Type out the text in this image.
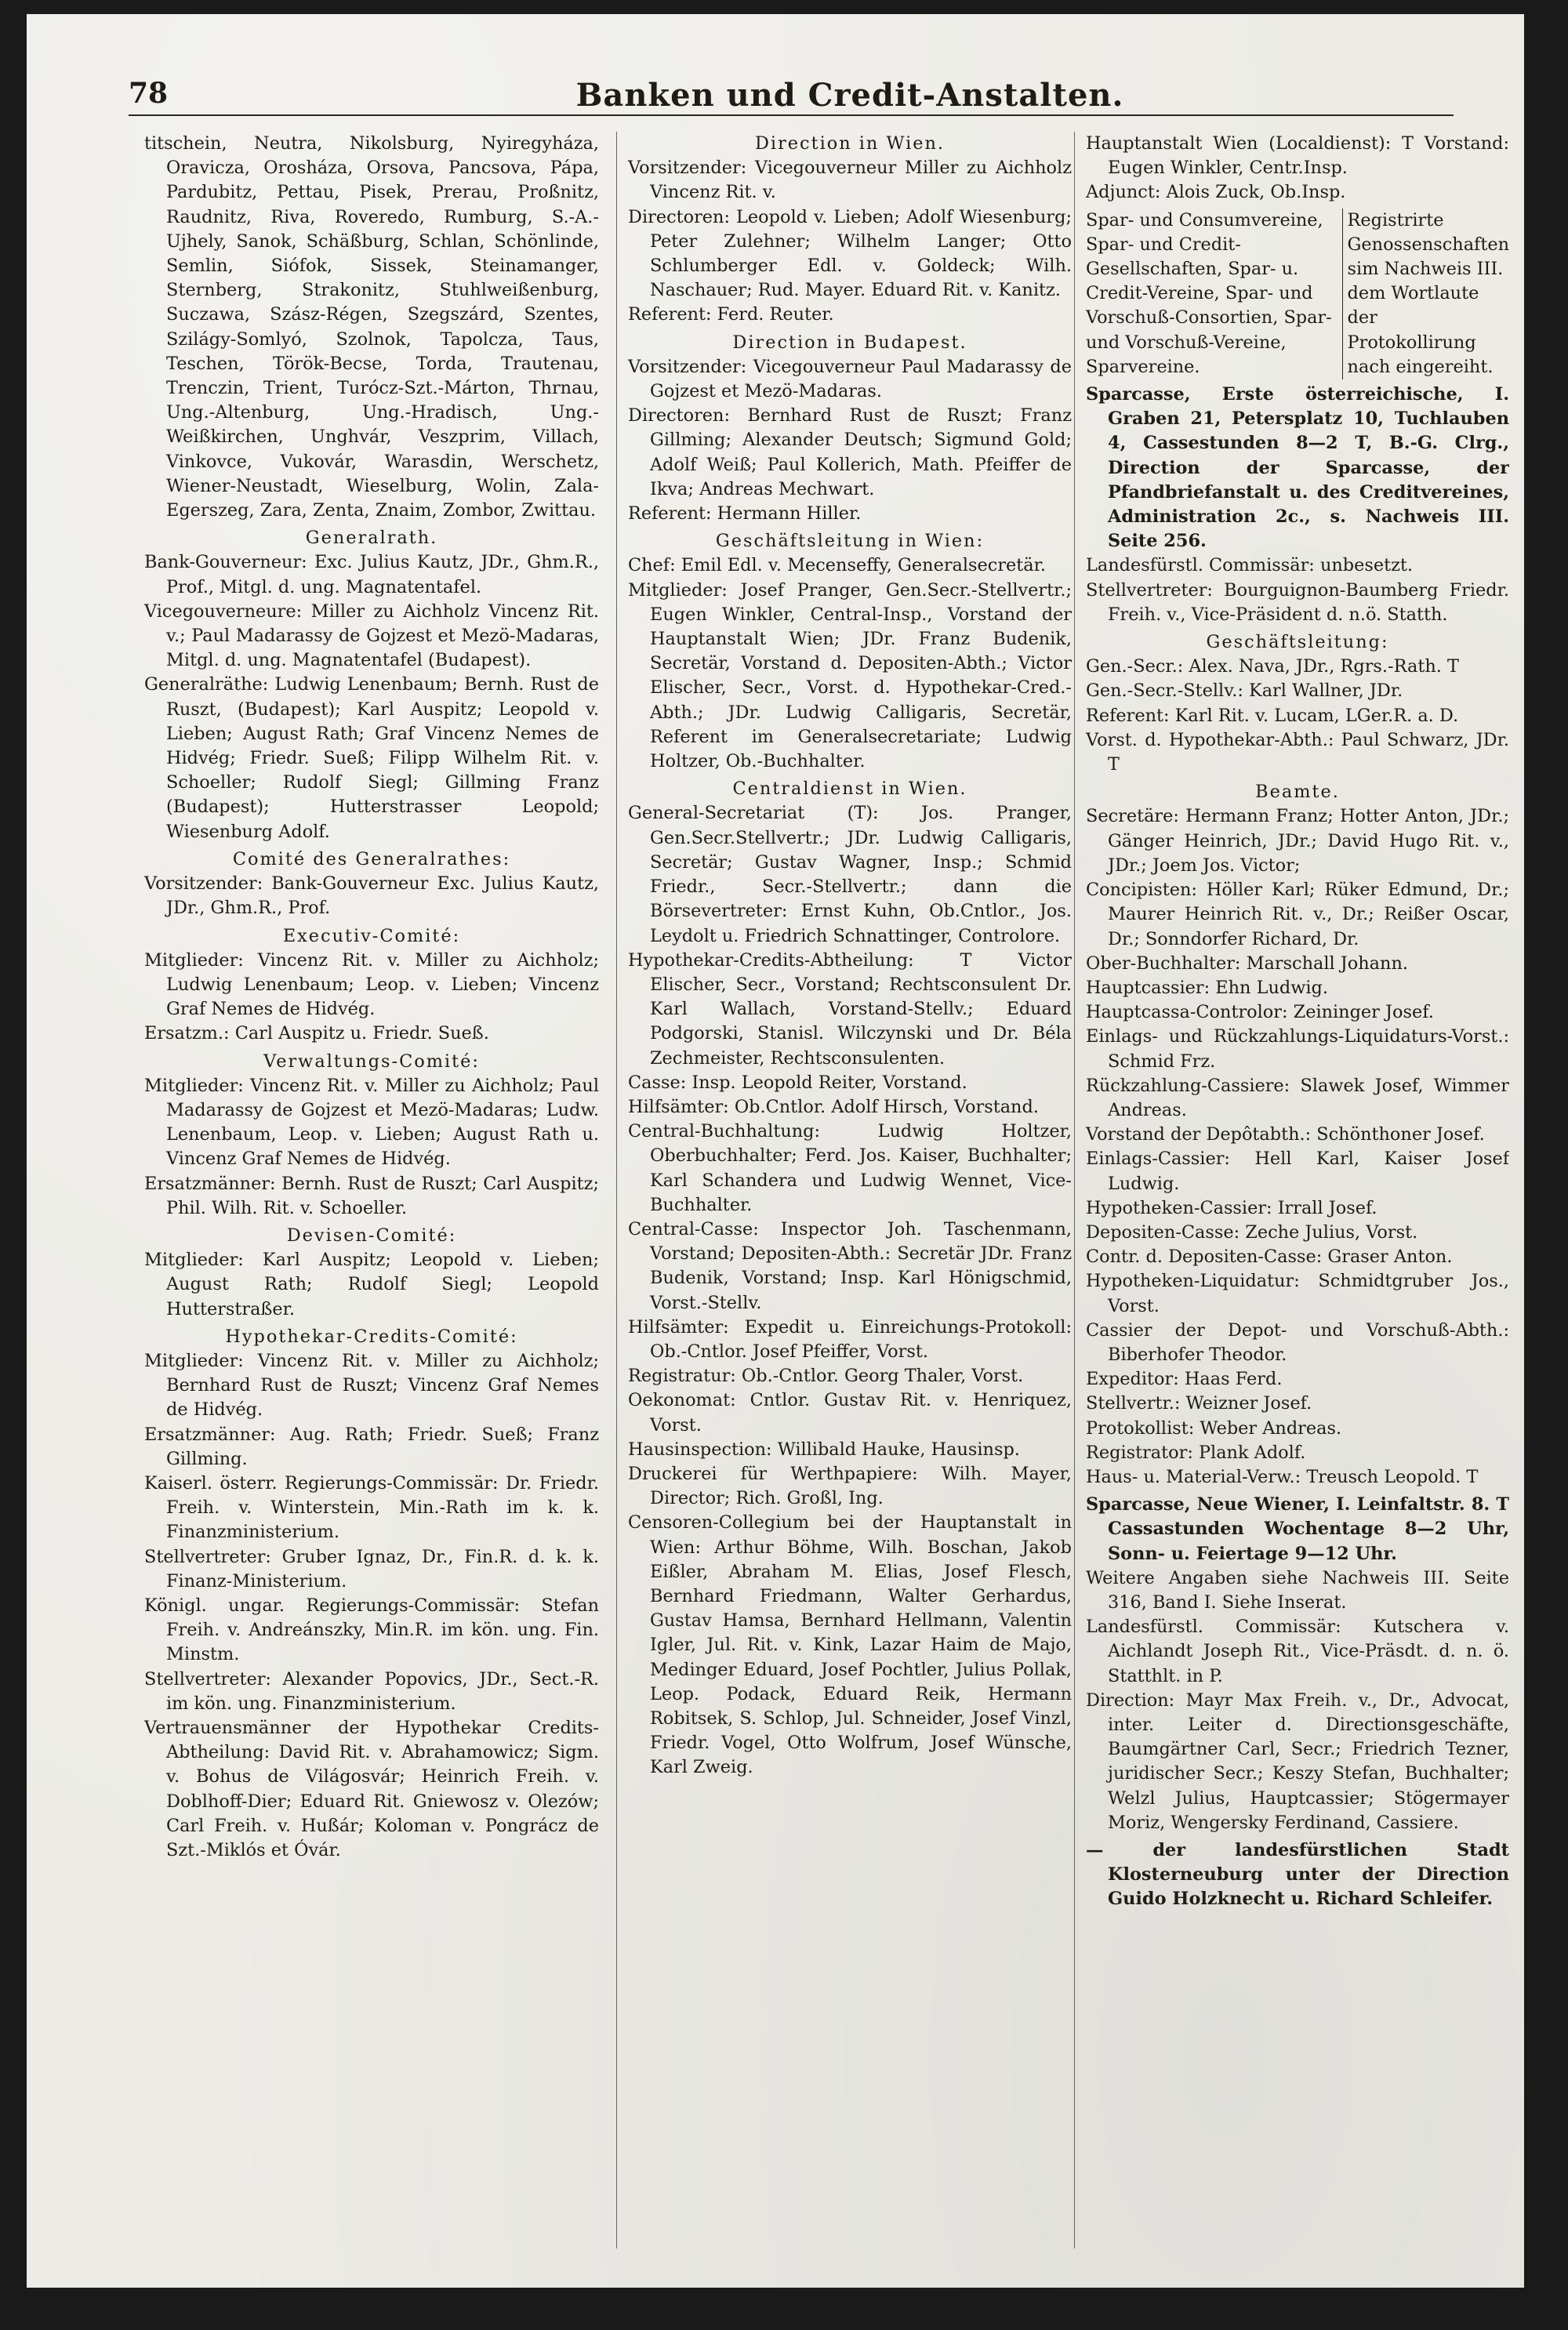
78	Banken und Credit-Anstalten.

titschein, Neutra, Nikolsburg, Nyiregyháza, Oravicza, Orosháza, Orsova, Pancsova, Pápa, Pardubitz, Pettau, Pisek, Prerau, Proßnitz, Raudnitz, Riva, Roveredo, Rumburg, S.-A.-Ujhely, Sanok, Schäßburg, Schlan, Schönlinde, Semlin, Siófok, Sissek, Steinamanger, Sternberg, Strakonitz, Stuhlweißenburg, Suczawa, Szász-Régen, Szegszárd, Szentes, Szilágy-Somlyó, Szolnok, Tapolcza, Taus, Teschen, Török-Becse, Torda, Trautenau, Trenczin, Trient, Turócz-Szt.-Márton, Thrnau, Ung.-Altenburg, Ung.-Hradisch, Ung.-Weißkirchen, Unghvár, Veszprim, Villach, Vinkovce, Vukovár, Warasdin, Werschetz, Wiener-Neustadt, Wieselburg, Wolin, Zala-Egerszeg, Zara, Zenta, Znaim, Zombor, Zwittau.

Generalrath.

Bank-Gouverneur: Exc. Julius Kautz, JDr., Ghm.R., Prof., Mitgl. d. ung. Magnatentafel.

Vicegouverneure: Miller zu Aichholz Vincenz Rit. v.; Paul Madarassy de Gojzest et Mezö-Madaras, Mitgl. d. ung. Magnatentafel (Budapest).

Generalräthe: Ludwig Lenenbaum; Bernh. Rust de Ruszt, (Budapest); Karl Auspitz; Leopold v. Lieben; August Rath; Graf Vincenz Nemes de Hidvég; Friedr. Sueß; Filipp Wilhelm Rit. v. Schoeller; Rudolf Siegl; Gillming Franz (Budapest); Hutterstrasser Leopold; Wiesenburg Adolf.

Comité des Generalrathes:

Vorsitzender: Bank-Gouverneur Exc. Julius Kautz, JDr., Ghm.R., Prof.

Executiv-Comité:

Mitglieder: Vincenz Rit. v. Miller zu Aichholz; Ludwig Lenenbaum; Leop. v. Lieben; Vincenz Graf Nemes de Hidvég.

Ersatzm.: Carl Auspitz u. Friedr. Sueß.

Verwaltungs-Comité:

Mitglieder: Vincenz Rit. v. Miller zu Aichholz; Paul Madarassy de Gojzest et Mezö-Madaras; Ludw. Lenenbaum, Leop. v. Lieben; August Rath u. Vincenz Graf Nemes de Hidvég.

Ersatzmänner: Bernh. Rust de Ruszt; Carl Auspitz; Phil. Wilh. Rit. v. Schoeller.

Devisen-Comité:

Mitglieder: Karl Auspitz; Leopold v. Lieben; August Rath; Rudolf Siegl; Leopold Hutterstraßer.

Hypothekar-Credits-Comité:

Mitglieder: Vincenz Rit. v. Miller zu Aichholz; Bernhard Rust de Ruszt; Vincenz Graf Nemes de Hidvég.

Ersatzmänner: Aug. Rath; Friedr. Sueß; Franz Gillming.

Kaiserl. österr. Regierungs-Commissär: Dr. Friedr. Freih. v. Winterstein, Min.-Rath im k. k. Finanzministerium.

Stellvertreter: Gruber Ignaz, Dr., Fin.R. d. k. k. Finanz-Ministerium.

Königl. ungar. Regierungs-Commissär: Stefan Freih. v. Andreánszky, Min.R. im kön. ung. Fin. Minstm.

Stellvertreter: Alexander Popovics, JDr., Sect.-R. im kön. ung. Finanzministerium.

Vertrauensmänner der Hypothekar Credits-Abtheilung: David Rit. v. Abrahamowicz; Sigm. v. Bohus de Világosvár; Heinrich Freih. v. Doblhoff-Dier; Eduard Rit. Gniewosz v. Olezów; Carl Freih. v. Hußár; Koloman v. Pongrácz de Szt.-Miklós et Óvár.

Direction in Wien.

Vorsitzender: Vicegouverneur Miller zu Aichholz Vincenz Rit. v.

Directoren: Leopold v. Lieben; Adolf Wiesenburg; Peter Zulehner; Wilhelm Langer; Otto Schlumberger Edl. v. Goldeck; Wilh. Naschauer; Rud. Mayer. Eduard Rit. v. Kanitz.

Referent: Ferd. Reuter.

Direction in Budapest.

Vorsitzender: Vicegouverneur Paul Madarassy de Gojzest et Mezö-Madaras.

Directoren: Bernhard Rust de Ruszt; Franz Gillming; Alexander Deutsch; Sigmund Gold; Adolf Weiß; Paul Kollerich, Math. Pfeiffer de Ikva; Andreas Mechwart.

Referent: Hermann Hiller.

Geschäftsleitung in Wien:

Chef: Emil Edl. v. Mecenseffy, Generalsecretär.

Mitglieder: Josef Pranger, Gen.Secr.-Stellvertr.; Eugen Winkler, Central-Insp., Vorstand der Hauptanstalt Wien; JDr. Franz Budenik, Secretär, Vorstand d. Depositen-Abth.; Victor Elischer, Secr., Vorst. d. Hypothekar-Cred.-Abth.; JDr. Ludwig Calligaris, Secretär, Referent im Generalsecretariate; Ludwig Holtzer, Ob.-Buchhalter.

Centraldienst in Wien.

General-Secretariat (T): Jos. Pranger, Gen.Secr.Stellvertr.; JDr. Ludwig Calligaris, Secretär; Gustav Wagner, Insp.; Schmid Friedr., Secr.-Stellvertr.; dann die Börsevertreter: Ernst Kuhn, Ob.Cntlor., Jos. Leydolt u. Friedrich Schnattinger, Controlore.

Hypothekar-Credits-Abtheilung: T Victor Elischer, Secr., Vorstand; Rechtsconsulent Dr. Karl Wallach, Vorstand-Stellv.; Eduard Podgorski, Stanisl. Wilczynski und Dr. Béla Zechmeister, Rechtsconsulenten.

Casse: Insp. Leopold Reiter, Vorstand.

Hilfsämter: Ob.Cntlor. Adolf Hirsch, Vorstand.

Central-Buchhaltung: Ludwig Holtzer, Oberbuchhalter; Ferd. Jos. Kaiser, Buchhalter; Karl Schandera und Ludwig Wennet, Vice-Buchhalter.

Central-Casse: Inspector Joh. Taschenmann, Vorstand; Depositen-Abth.: Secretär JDr. Franz Budenik, Vorstand; Insp. Karl Hönigschmid, Vorst.-Stellv.

Hilfsämter: Expedit u. Einreichungs-Protokoll: Ob.-Cntlor. Josef Pfeiffer, Vorst.

Registratur: Ob.-Cntlor. Georg Thaler, Vorst.

Oekonomat: Cntlor. Gustav Rit. v. Henriquez, Vorst.

Hausinspection: Willibald Hauke, Hausinsp.

Druckerei für Werthpapiere: Wilh. Mayer, Director; Rich. Großl, Ing.

Censoren-Collegium bei der Hauptanstalt in Wien: Arthur Böhme, Wilh. Boschan, Jakob Eißler, Abraham M. Elias, Josef Flesch, Bernhard Friedmann, Walter Gerhardus, Gustav Hamsa, Bernhard Hellmann, Valentin Igler, Jul. Rit. v. Kink, Lazar Haim de Majo, Medinger Eduard, Josef Pochtler, Julius Pollak, Leop. Podack, Eduard Reik, Hermann Robitsek, S. Schlop, Jul. Schneider, Josef Vinzl, Friedr. Vogel, Otto Wolfrum, Josef Wünsche, Karl Zweig.

Hauptanstalt Wien (Localdienst): T Vorstand: Eugen Winkler, Centr.Insp.

Adjunct: Alois Zuck, Ob.Insp.

Spar- und Consumvereine, Spar- und Credit-Gesellschaften, Spar- u. Credit-Vereine, Spar- und Vorschuß-Consortien, Spar- und Vorschuß-Vereine, Sparvereine.
Registrirte Genossenschaften sim Nachweis III. dem Wortlaute der Protokollirung nach eingereiht.

Sparcasse, Erste österreichische, I. Graben 21, Petersplatz 10, Tuchlauben 4, Cassestunden 8—2 T, B.-G. Clrg., Direction der Sparcasse, der Pfandbriefanstalt u. des Creditvereines, Administration 2c., s. Nachweis III. Seite 256.

Landesfürstl. Commissär: unbesetzt.

Stellvertreter: Bourguignon-Baumberg Friedr. Freih. v., Vice-Präsident d. n.ö. Statth.

Geschäftsleitung:

Gen.-Secr.: Alex. Nava, JDr., Rgrs.-Rath. T

Gen.-Secr.-Stellv.: Karl Wallner, JDr.

Referent: Karl Rit. v. Lucam, LGer.R. a. D.

Vorst. d. Hypothekar-Abth.: Paul Schwarz, JDr. T

Beamte.

Secretäre: Hermann Franz; Hotter Anton, JDr.; Gänger Heinrich, JDr.; David Hugo Rit. v., JDr.; Joem Jos. Victor;

Concipisten: Höller Karl; Rüker Edmund, Dr.; Maurer Heinrich Rit. v., Dr.; Reißer Oscar, Dr.; Sonndorfer Richard, Dr.

Ober-Buchhalter: Marschall Johann.

Hauptcassier: Ehn Ludwig.

Hauptcassa-Controlor: Zeininger Josef.

Einlags- und Rückzahlungs-Liquidaturs-Vorst.: Schmid Frz.

Rückzahlung-Cassiere: Slawek Josef, Wimmer Andreas.

Vorstand der Depôtabth.: Schönthoner Josef.

Einlags-Cassier: Hell Karl, Kaiser Josef Ludwig.

Hypotheken-Cassier: Irrall Josef.

Depositen-Casse: Zeche Julius, Vorst.

Contr. d. Depositen-Casse: Graser Anton.

Hypotheken-Liquidatur: Schmidtgruber Jos., Vorst.

Cassier der Depot- und Vorschuß-Abth.: Biberhofer Theodor.

Expeditor: Haas Ferd.

Stellvertr.: Weizner Josef.

Protokollist: Weber Andreas.

Registrator: Plank Adolf.

Haus- u. Material-Verw.: Treusch Leopold. T

Sparcasse, Neue Wiener, I. Leinfaltstr. 8. T Cassastunden Wochentage 8—2 Uhr, Sonn- u. Feiertage 9—12 Uhr.

Weitere Angaben siehe Nachweis III. Seite 316, Band I. Siehe Inserat.

Landesfürstl. Commissär: Kutschera v. Aichlandt Joseph Rit., Vice-Präsdt. d. n. ö. Statthlt. in P.

Direction: Mayr Max Freih. v., Dr., Advocat, inter. Leiter d. Directionsgeschäfte, Baumgärtner Carl, Secr.; Friedrich Tezner, juridischer Secr.; Keszy Stefan, Buchhalter; Welzl Julius, Hauptcassier; Stögermayer Moriz, Wengersky Ferdinand, Cassiere.

— der landesfürstlichen Stadt Klosterneuburg unter der Direction Guido Holzknecht u. Richard Schleifer.
